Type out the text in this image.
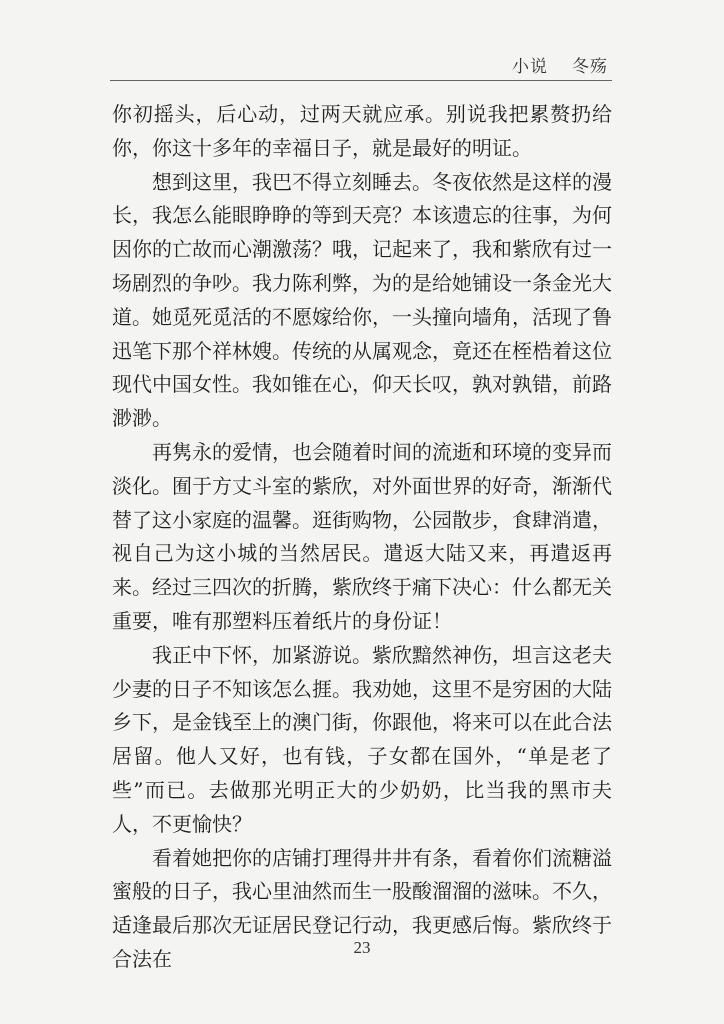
小说 冬殇

你初摇头，后心动，过两天就应承。别说我把累赘扔给你，你这十多年的幸福日子，就是最好的明证。

想到这里，我巴不得立刻睡去。冬夜依然是这样的漫长，我怎么能眼睁睁的等到天亮？本该遗忘的往事，为何因你的亡故而心潮激荡？哦，记起来了，我和紫欣有过一场剧烈的争吵。我力陈利弊，为的是给她铺设一条金光大道。她觅死觅活的不愿嫁给你，一头撞向墙角，活现了鲁迅笔下那个祥林嫂。传统的从属观念，竟还在桎梏着这位现代中国女性。我如锥在心，仰天长叹，孰对孰错，前路渺渺。

再隽永的爱情，也会随着时间的流逝和环境的变异而淡化。囿于方丈斗室的紫欣，对外面世界的好奇，渐渐代替了这小家庭的温馨。逛街购物，公园散步，食肆消遣，视自己为这小城的当然居民。遣返大陆又来，再遣返再来。经过三四次的折腾，紫欣终于痛下决心：什么都无关重要，唯有那塑料压着纸片的身份证！

我正中下怀，加紧游说。紫欣黯然神伤，坦言这老夫少妻的日子不知该怎么捱。我劝她，这里不是穷困的大陆乡下，是金钱至上的澳门街，你跟他，将来可以在此合法居留。他人又好，也有钱，子女都在国外，“单是老了些”而已。去做那光明正大的少奶奶，比当我的黑市夫人，不更愉快？

看着她把你的店铺打理得井井有条，看着你们流糖溢蜜般的日子，我心里油然而生一股酸溜溜的滋味。不久，适逢最后那次无证居民登记行动，我更感后悔。紫欣终于合法在	23
